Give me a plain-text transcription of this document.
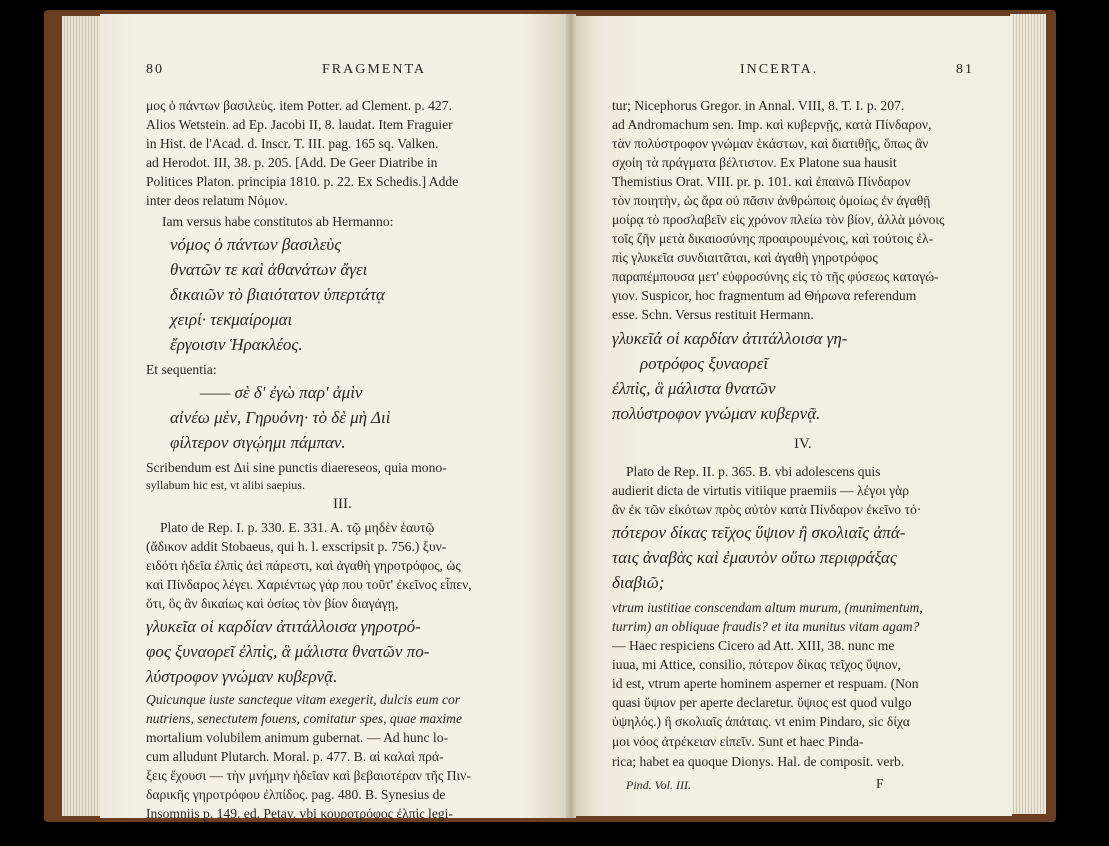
80	FRAGMENTA
μος ὁ πάντων βασιλεὺς. item Potter. ad Clement. p. 427.
Alios Wetstein. ad Ep. Jacobi II, 8. laudat. Item Fraguier
in Hist. de l'Acad. d. Inscr. T. III. pag. 165 sq. Valken.
ad Herodot. III, 38. p. 205. [Add. De Geer Diatribe in
Politices Platon. principia 1810. p. 22. Ex Schedis.] Adde
inter deos relatum Νόμον.
Iam versus habe constitutos ab Hermanno:
νόμος ὁ πάντων βασιλεὺς
θνατῶν τε καὶ ἀθανάτων ἄγει
δικαιῶν τὸ βιαιότατον ὑπερτάτᾳ
χειρί· τεκμαίρομαι
ἔργοισιν Ἡρακλέος.
Et sequentia:
—— σὲ δ' ἐγὼ παρ' ἀμὶν
αἰνέω μὲν, Γηρυόνη· τὸ δὲ μὴ Διὶ
φίλτερον σιγῴημι πάμπαν.
Scribendum est Διὶ sine punctis diaereseos, quia mono-
syllabum hic est, vt alibi saepius.
III.
Plato de Rep. I. p. 330. E. 331. A. τῷ μηδὲν ἑαυτῷ
(ἄδικον addit Stobaeus, qui h. l. exscripsit p. 756.) ξυν-
ειδότι ἡδεῖα ἐλπὶς ἀεὶ πάρεστι, καὶ ἀγαθὴ γηροτρόφος, ὡς
καὶ Πίνδαρος λέγει. Χαριέντως γάρ που τοῦτ' ἐκεῖνος εἶπεν,
ὅτι, ὃς ἂν δικαίως καὶ ὁσίως τὸν βίον διαγάγῃ,
γλυκεῖα οἱ καρδίαν ἀτιτάλλοισα γηροτρό-
φος ξυναορεῖ ἐλπὶς, ἃ μάλιστα θνατῶν πο-
λύστροφον γνώμαν κυβερνᾷ.
Quicunque iuste sancteque vitam exegerit, dulcis eum cor
nutriens, senectutem fouens, comitatur spes, quae maxime
mortalium volubilem animum gubernat. — Ad hunc lo-
cum alludunt Plutarch. Moral. p. 477. B. αἱ καλαὶ πρά-
ξεις ἔχουσι — τὴν μνήμην ἡδεῖαν καὶ βεβαιοτέραν τῆς Πιν-
δαρικῆς γηροτρόφου ἐλπίδος. pag. 480. B. Synesius de
Insomniis p. 149. ed. Petav. vbi κουροτρόφος ἐλπὶς legi-
INCERTA.	81
tur; Nicephorus Gregor. in Annal. VIII, 8. T. I. p. 207.
ad Andromachum sen. Imp. καὶ κυβερνῇς, κατὰ Πίνδαρον,
τὰν πολύστροφον γνώμαν ἑκάστων, καὶ διατιθῇς, ὅπως ἂν
σχοίη τὰ πράγματα βέλτιστον. Ex Platone sua hausit
Themistius Orat. VIII. pr. p. 101. καὶ ἐπαινῶ Πίνδαρον
τὸν ποιητὴν, ὡς ἄρα οὐ πᾶσιν ἀνθρώποις ὁμοίως ἐν ἀγαθῇ
μοίρᾳ τὸ προσλαβεῖν εἰς χρόνον πλείω τὸν βίον, ἀλλὰ μόνοις
τοῖς ζῆν μετὰ δικαιοσύνης προαιρουμένοις, καὶ τούτοις ἐλ-
πὶς γλυκεῖα συνδιαιτᾶται, καὶ ἀγαθὴ γηροτρόφος
παραπέμπουσα μετ' εὐφροσύνης εἰς τὸ τῆς φύσεως καταγώ-
γιον. Suspicor, hoc fragmentum ad Θήρωνα referendum
esse. Schn. Versus restituit Hermann.
γλυκεῖά οἱ καρδίαν ἀτιτάλλοισα γη-
ροτρόφος ξυναορεῖ
ἐλπὶς, ἃ μάλιστα θνατῶν
πολύστροφον γνώμαν κυβερνᾷ.
IV.
Plato de Rep. II. p. 365. B. vbi adolescens quis
audierit dicta de virtutis vitiique praemiis — λέγοι γὰρ
ἂν ἐκ τῶν εἰκότων πρὸς αὐτὸν κατὰ Πίνδαρον ἐκεῖνο τό·
πότερον δίκας τεῖχος ὕψιον ἢ σκολιαῖς ἀπά-
ταις ἀναβὰς καὶ ἐμαυτὸν οὕτω περιφράξας
διαβιῶ;
vtrum iustitiae conscendam altum murum, (munimentum,
turrim) an obliquae fraudis? et ita munitus vitam agam?
— Haec respiciens Cicero ad Att. XIII, 38. nunc me
iuua, mi Attice, consilio, πότερον δίκας τεῖχος ὕψιον,
id est, vtrum aperte hominem asperner et respuam. (Non
quasi ὕψιον per aperte declaretur. ὕψιος est quod vulgo
ὑψηλός.) ἢ σκολιαῖς ἀπάταις. vt enim Pindaro, sic δίχα
μοι νόος ἀτρέκειαν εἰπεῖν. Sunt et haec Pinda-
rica; habet ea quoque Dionys. Hal. de composit. verb.
Pind. Vol. III.	F
